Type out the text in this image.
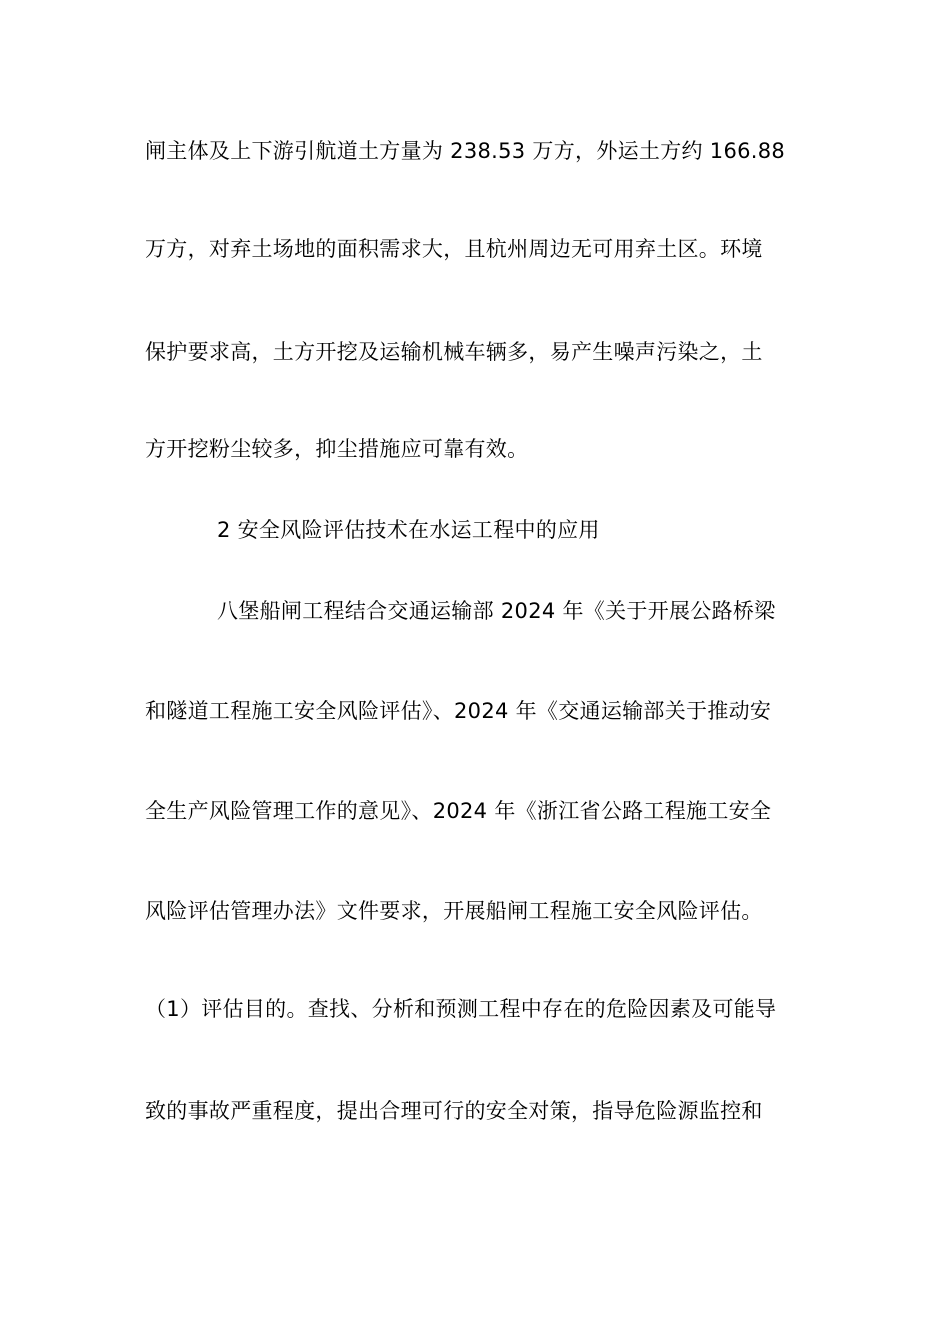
闸主体及上下游引航道土方量为 238.53 万方，外运土方约 166.88
万方，对弃土场地的面积需求大，且杭州周边无可用弃土区。环境
保护要求高，土方开挖及运输机械车辆多，易产生噪声污染之，土
方开挖粉尘较多，抑尘措施应可靠有效。
2 安全风险评估技术在水运工程中的应用
八堡船闸工程结合交通运输部 2024 年《关于开展公路桥梁
和隧道工程施工安全风险评估》、2024 年《交通运输部关于推动安
全生产风险管理工作的意见》、2024 年《浙江省公路工程施工安全
风险评估管理办法》文件要求，开展船闸工程施工安全风险评估。
（1）评估目的。查找、分析和预测工程中存在的危险因素及可能导
致的事故严重程度，提出合理可行的安全对策，指导危险源监控和
